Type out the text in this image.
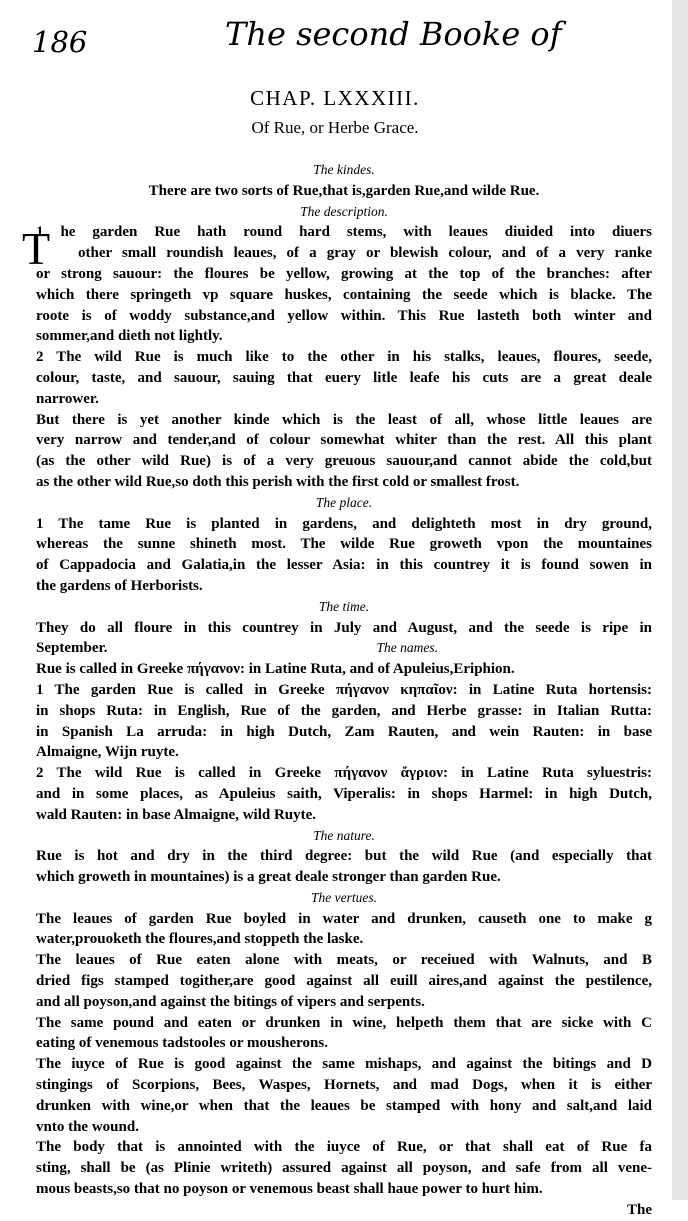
186	The second Booke of
CHAP. LXXXIII.
Of Rue, or Herbe Grace.
T
The kindes.
There are two sorts of Rue,that is,garden Rue,and wilde Rue.
The description.
1 he garden Rue hath round hard stems, with leaues diuided into diuers
other small roundish leaues, of a gray or blewish colour, and of a very ranke
or strong sauour: the floures be yellow, growing at the top of the branches: after
which there springeth vp square huskes, containing the seede which is blacke. The
roote is of woddy substance,and yellow within. This Rue lasteth both winter and
sommer,and dieth not lightly.
2 The wild Rue is much like to the other in his stalks, leaues, floures, seede,
colour, taste, and sauour, sauing that euery litle leafe his cuts are a great deale
narrower.
But there is yet another kinde which is the least of all, whose little leaues are
very narrow and tender,and of colour somewhat whiter than the rest. All this plant
(as the other wild Rue) is of a very greuous sauour,and cannot abide the cold,but
as the other wild Rue,so doth this perish with the first cold or smallest frost.
The place.
1 The tame Rue is planted in gardens, and delighteth most in dry ground,
whereas the sunne shineth most. The wilde Rue groweth vpon the mountaines
of Cappadocia and Galatia,in the lesser Asia: in this countrey it is found sowen in
the gardens of Herborists.
The time.
They do all floure in this countrey in July and August, and the seede is ripe in
September.	The names.
Rue is called in Greeke πήγανον: in Latine Ruta, and of Apuleius,Eriphion.
1 The garden Rue is called in Greeke πήγανον κηπαῖον: in Latine Ruta hortensis:
in shops Ruta: in English, Rue of the garden, and Herbe grasse: in Italian Rutta:
in Spanish La arruda: in high Dutch, Zam Rauten, and wein Rauten: in base
Almaigne, Wijn ruyte.
2 The wild Rue is called in Greeke πήγανον ἄγριον: in Latine Ruta syluestris:
and in some places, as Apuleius saith, Viperalis: in shops Harmel: in high Dutch,
wald Rauten: in base Almaigne, wild Ruyte.
The nature.
Rue is hot and dry in the third degree: but the wild Rue (and especially that
which groweth in mountaines) is a great deale stronger than garden Rue.
The vertues.
The leaues of garden Rue boyled in water and drunken, causeth one to make g
water,prouoketh the floures,and stoppeth the laske.
The leaues of Rue eaten alone with meats, or receiued with Walnuts, and B
dried figs stamped togither,are good against all euill aires,and against the pestilence,
and all poyson,and against the bitings of vipers and serpents.
The same pound and eaten or drunken in wine, helpeth them that are sicke with C
eating of venemous tadstooles or mousherons.
The iuyce of Rue is good against the same mishaps, and against the bitings and D
stingings of Scorpions, Bees, Waspes, Hornets, and mad Dogs, when it is either
drunken with wine,or when that the leaues be stamped with hony and salt,and laid
vnto the wound.
The body that is annointed with the iuyce of Rue, or that shall eat of Rue fa
sting, shall be (as Plinie writeth) assured against all poyson, and safe from all vene-
mous beasts,so that no poyson or venemous beast shall haue power to hurt him.
The
